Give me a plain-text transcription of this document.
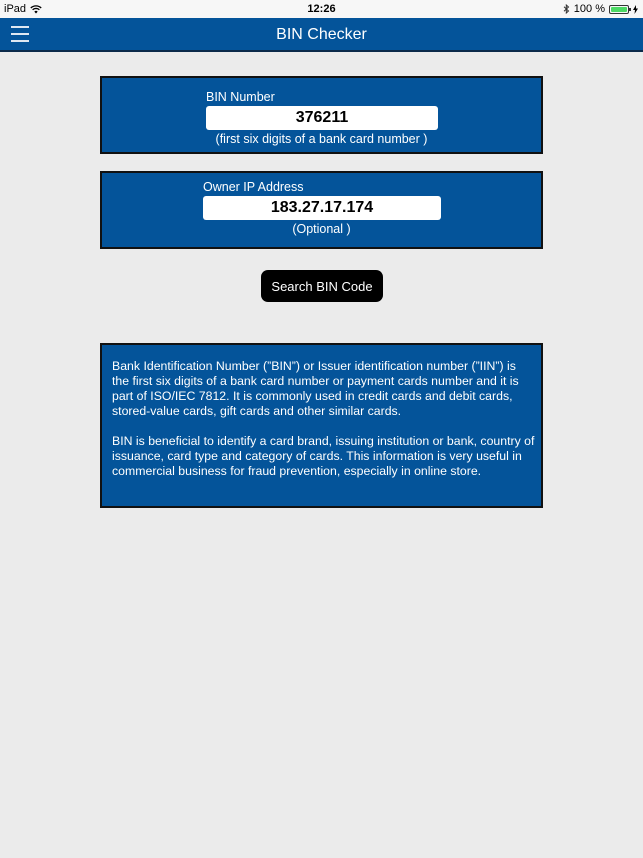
iPad	12:26	100 %
BIN Checker
BIN Number
376211
(first six digits of a bank card number )
Owner IP Address
183.27.17.174
(Optional )
Search BIN Code

Bank Identification Number (”BIN”) or Issuer identification number (”IIN”) is the first six digits of a bank card number or payment cards number and it is part of ISO/IEC 7812. It is commonly used in credit cards and debit cards, stored-value cards, gift cards and other similar cards.

BIN is beneficial to identify a card brand, issuing institution or bank, country of issuance, card type and category of cards. This information is very useful in commercial business for fraud prevention, especially in online store.
